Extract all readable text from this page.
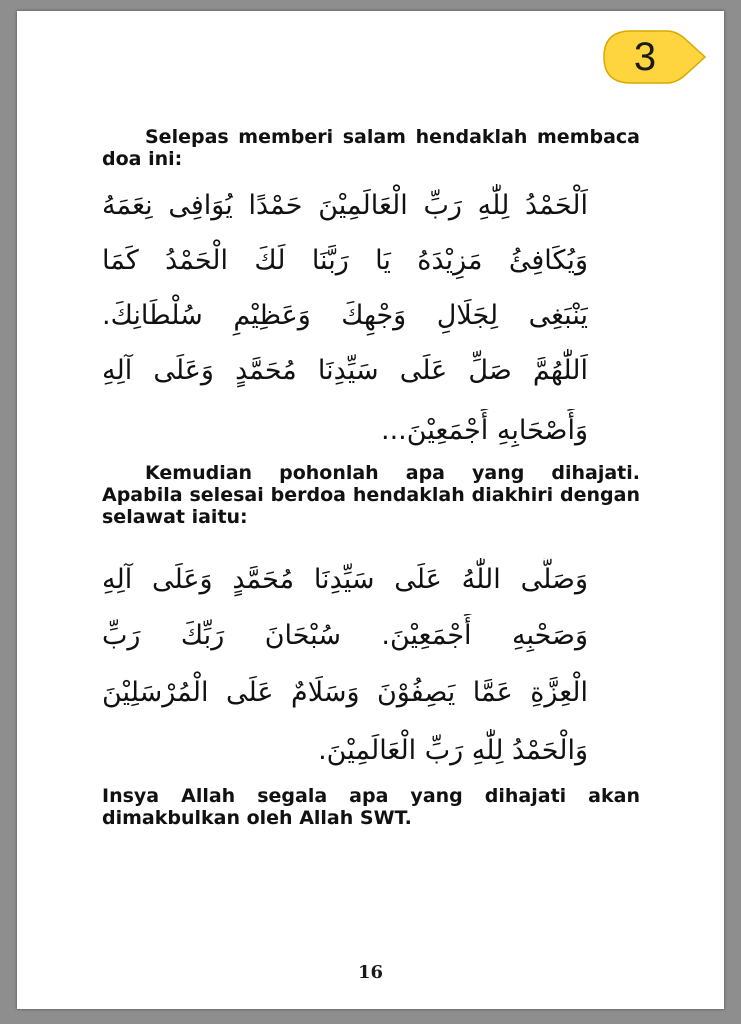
3

Selepas memberi salam hendaklah membaca doa ini:

اَلْحَمْدُ لِلّٰهِ رَبِّ الْعَالَمِيْنَ حَمْدًا يُوَافِى نِعَمَهُ
وَيُكَافِئُ مَزِيْدَهُ يَا رَبَّنَا لَكَ الْحَمْدُ كَمَا
يَنْبَغِى لِجَلَالِ وَجْهِكَ وَعَظِيْمِ سُلْطَانِكَ.
اَللّٰهُمَّ صَلِّ عَلَى سَيِّدِنَا مُحَمَّدٍ وَعَلَى آلِهِ
وَأَصْحَابِهِ أَجْمَعِيْنَ...

Kemudian pohonlah apa yang dihajati. Apabila selesai berdoa hendaklah diakhiri dengan selawat iaitu:

وَصَلَّى اللّٰهُ عَلَى سَيِّدِنَا مُحَمَّدٍ وَعَلَى آلِهِ
وَصَحْبِهِ أَجْمَعِيْنَ. سُبْحَانَ رَبِّكَ رَبِّ
الْعِزَّةِ عَمَّا يَصِفُوْنَ وَسَلَامٌ عَلَى الْمُرْسَلِيْنَ
وَالْحَمْدُ لِلّٰهِ رَبِّ الْعَالَمِيْنَ.

Insya Allah segala apa yang dihajati akan dimakbulkan oleh Allah SWT.

16
